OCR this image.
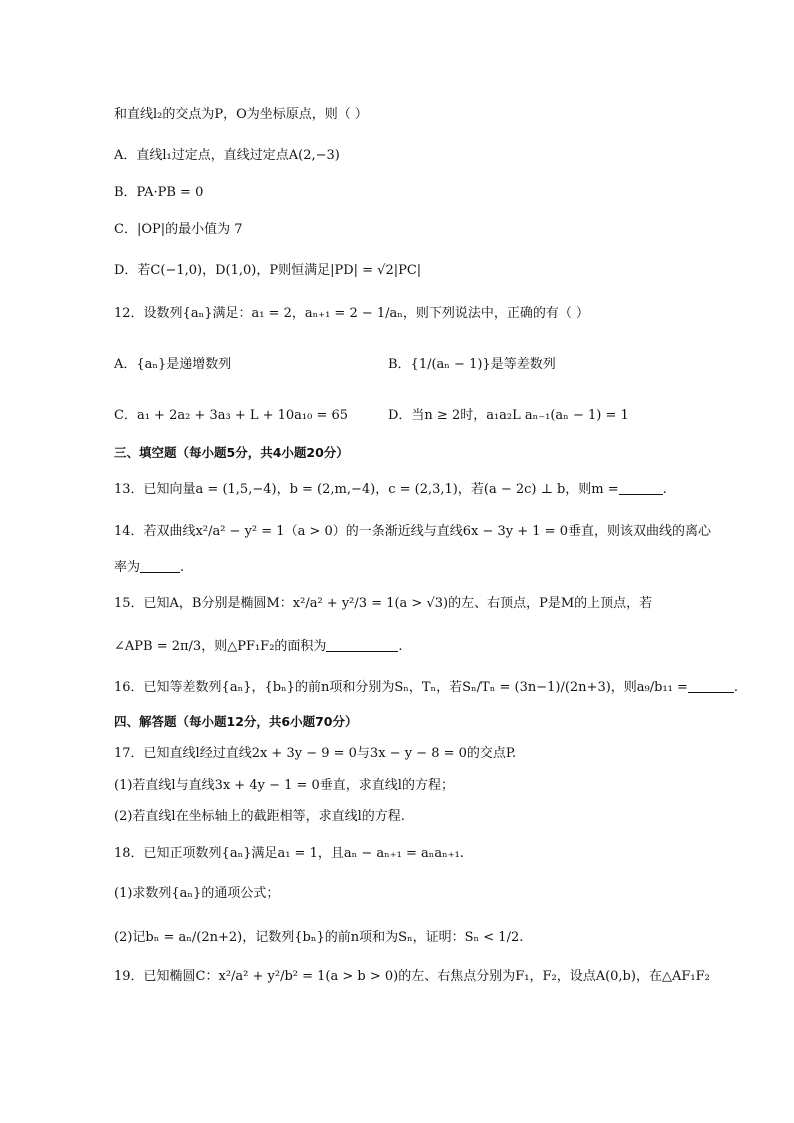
和直线l₂的交点为P，O为坐标原点，则（ ）
A．直线l₁过定点，直线过定点A(2,−3)
B．PA·PB = 0
C．|OP|的最小值为 7
D．若C(−1,0)，D(1,0)，P则恒满足|PD| = √2|PC|
12．设数列{aₙ}满足：a₁ = 2，aₙ₊₁ = 2 − 1/aₙ，则下列说法中，正确的有（ ）
A．{aₙ}是递增数列	B．{1/(aₙ − 1)}是等差数列
C．a₁ + 2a₂ + 3a₃ + L + 10a₁₀ = 65	D．当n ≥ 2时，a₁a₂L aₙ₋₁(aₙ − 1) = 1
三、填空题（每小题5分，共4小题20分）
13．已知向量a = (1,5,−4)，b = (2,m,−4)，c = (2,3,1)，若(a − 2c) ⊥ b，则m =	.
14．若双曲线x²/a² − y² = 1（a > 0）的一条渐近线与直线6x − 3y + 1 = 0垂直，则该双曲线的离心
率为	.
15．已知A，B分别是椭圆M：x²/a² + y²/3 = 1(a > √3)的左、右顶点，P是M的上顶点，若
∠APB = 2π/3，则△PF₁F₂的面积为	.
16．已知等差数列{aₙ}，{bₙ}的前n项和分别为Sₙ，Tₙ，若Sₙ/Tₙ = (3n−1)/(2n+3)，则a₉/b₁₁ =	.
四、解答题（每小题12分，共6小题70分）
17．已知直线l经过直线2x + 3y − 9 = 0与3x − y − 8 = 0的交点P.
(1)若直线l与直线3x + 4y − 1 = 0垂直，求直线l的方程；
(2)若直线l在坐标轴上的截距相等，求直线l的方程.
18．已知正项数列{aₙ}满足a₁ = 1，且aₙ − aₙ₊₁ = aₙaₙ₊₁.
(1)求数列{aₙ}的通项公式；
(2)记bₙ = aₙ/(2n+2)，记数列{bₙ}的前n项和为Sₙ，证明：Sₙ < 1/2.
19．已知椭圆C：x²/a² + y²/b² = 1(a > b > 0)的左、右焦点分别为F₁，F₂，设点A(0,b)，在△AF₁F₂
